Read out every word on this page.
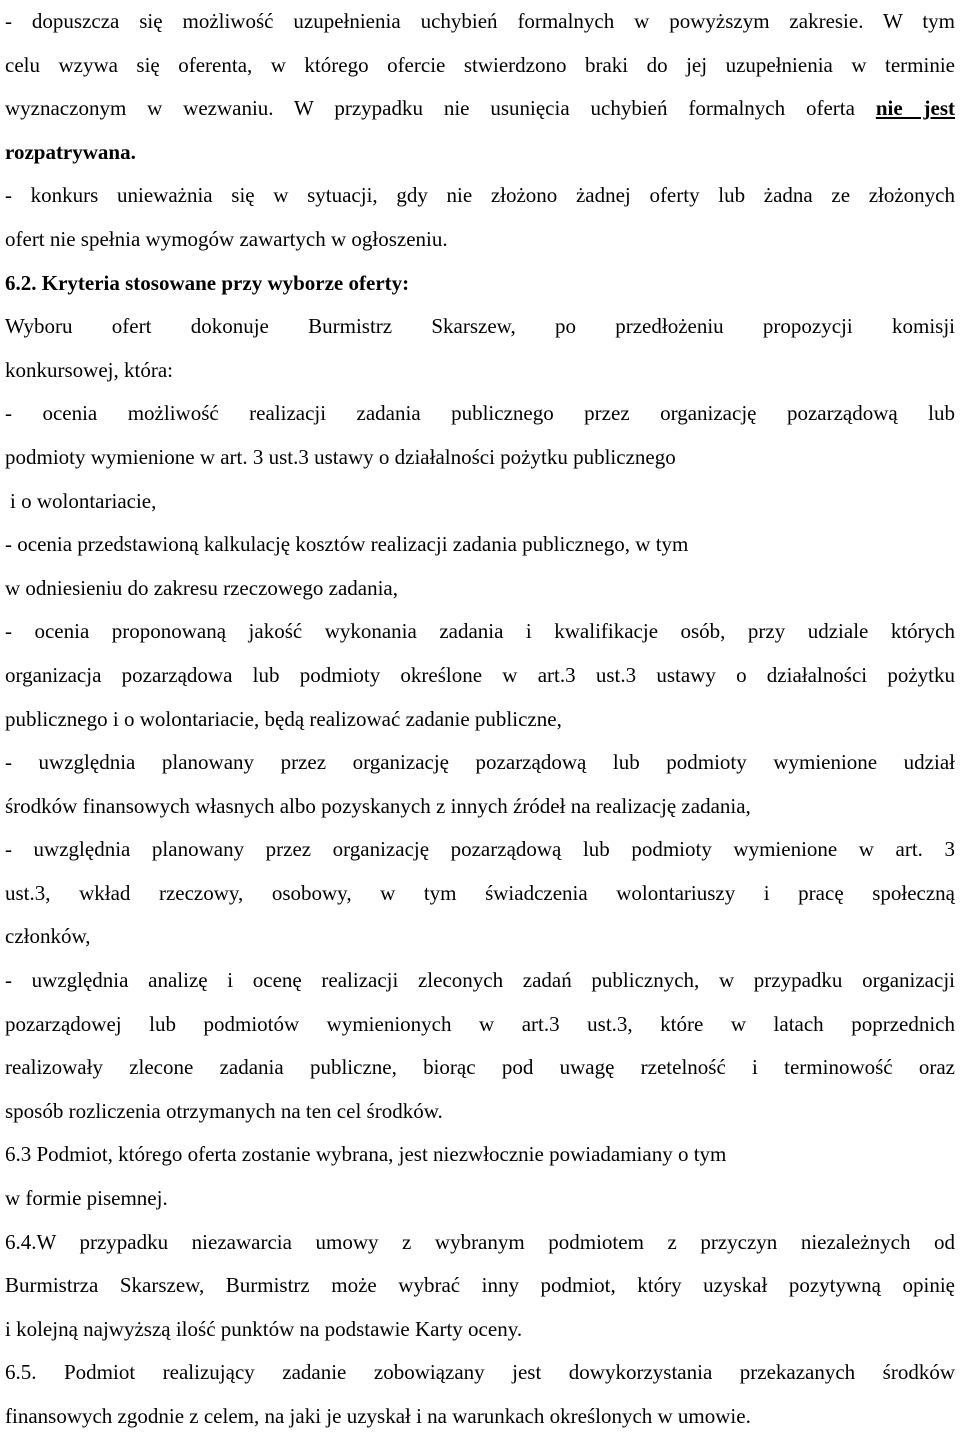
- dopuszcza się możliwość uzupełnienia uchybień formalnych w powyższym zakresie. W tym
celu wzywa się oferenta, w którego ofercie stwierdzono braki do jej uzupełnienia w terminie
wyznaczonym w wezwaniu. W przypadku nie usunięcia uchybień formalnych oferta nie jest
rozpatrywana.
- konkurs unieważnia się w sytuacji, gdy nie złożono żadnej oferty lub żadna ze złożonych
ofert nie spełnia wymogów zawartych w ogłoszeniu.
6.2. Kryteria stosowane przy wyborze oferty:
Wyboru ofert dokonuje Burmistrz Skarszew, po przedłożeniu propozycji komisji
konkursowej, która:
- ocenia możliwość realizacji zadania publicznego przez organizację pozarządową lub
podmioty wymienione w art. 3 ust.3 ustawy o działalności pożytku publicznego
i o wolontariacie,
- ocenia przedstawioną kalkulację kosztów realizacji zadania publicznego, w tym
w odniesieniu do zakresu rzeczowego zadania,
- ocenia proponowaną jakość wykonania zadania i kwalifikacje osób, przy udziale których
organizacja pozarządowa lub podmioty określone w art.3 ust.3 ustawy o działalności pożytku
publicznego i o wolontariacie, będą realizować zadanie publiczne,
- uwzględnia planowany przez organizację pozarządową lub podmioty wymienione udział
środków finansowych własnych albo pozyskanych z innych źródeł na realizację zadania,
- uwzględnia planowany przez organizację pozarządową lub podmioty wymienione w art. 3
ust.3, wkład rzeczowy, osobowy, w tym świadczenia wolontariuszy i pracę społeczną
członków,
- uwzględnia analizę i ocenę realizacji zleconych zadań publicznych, w przypadku organizacji
pozarządowej lub podmiotów wymienionych w art.3 ust.3, które w latach poprzednich
realizowały zlecone zadania publiczne, biorąc pod uwagę rzetelność i terminowość oraz
sposób rozliczenia otrzymanych na ten cel środków.
6.3 Podmiot, którego oferta zostanie wybrana, jest niezwłocznie powiadamiany o tym
w formie pisemnej.
6.4.W przypadku niezawarcia umowy z wybranym podmiotem z przyczyn niezależnych od
Burmistrza Skarszew, Burmistrz może wybrać inny podmiot, który uzyskał pozytywną opinię
i kolejną najwyższą ilość punktów na podstawie Karty oceny.
6.5. Podmiot realizujący zadanie zobowiązany jest dowykorzystania przekazanych środków
finansowych zgodnie z celem, na jaki je uzyskał i na warunkach określonych w umowie.
